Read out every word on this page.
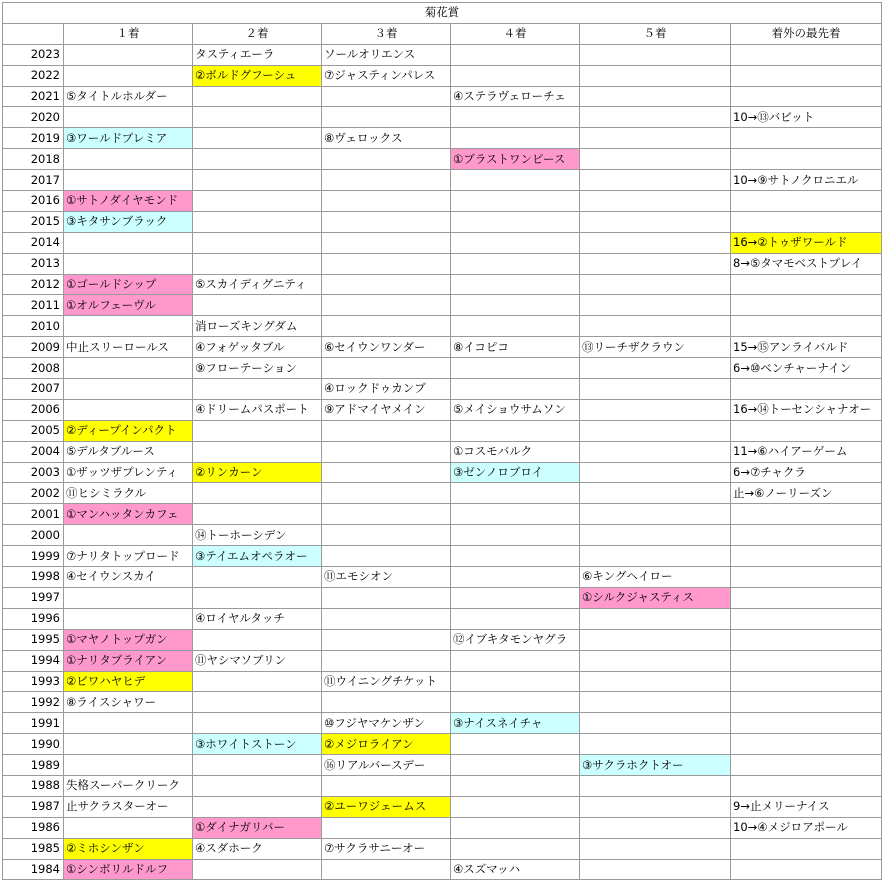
菊花賞						
	１着	２着	３着	４着	５着	着外の最先着
2023		タスティエーラ	ソールオリエンス			
2022		②ボルドグフーシュ	⑦ジャスティンパレス			
2021	⑤タイトルホルダー			④ステラヴェローチェ		
2020						10→⑬バビット
2019	③ワールドプレミア		⑧ヴェロックス			
2018				①ブラストワンピース		
2017						10→⑨サトノクロニエル
2016	①サトノダイヤモンド					
2015	③キタサンブラック					
2014						16→②トゥザワールド
2013						8→⑤タマモベストプレイ
2012	①ゴールドシップ	⑤スカイディグニティ				
2011	①オルフェーヴル					
2010		消ローズキングダム				
2009	中止スリーロールス	④フォゲッタブル	⑥セイウンワンダー	⑧イコピコ	⑬リーチザクラウン	15→⑮アンライバルド
2008		⑨フローテーション				6→⑩ベンチャーナイン
2007			④ロックドゥカンブ			
2006		④ドリームパスポート	⑨アドマイヤメイン	⑤メイショウサムソン		16→⑭トーセンシャナオー
2005	②ディープインパクト					
2004	⑤デルタブルース			①コスモバルク		11→⑥ハイアーゲーム
2003	①ザッツザプレンティ	②リンカーン		③ゼンノロブロイ		6→⑦チャクラ
2002	⑪ヒシミラクル					止→⑥ノーリーズン
2001	①マンハッタンカフェ					
2000		⑭トーホーシデン				
1999	⑦ナリタトップロード	③テイエムオペラオー				
1998	④セイウンスカイ		⑪エモシオン		⑥キングヘイロー	
1997					①シルクジャスティス	
1996		④ロイヤルタッチ				
1995	①マヤノトップガン			⑫イブキタモンヤグラ		
1994	①ナリタブライアン	⑪ヤシマソブリン				
1993	②ビワハヤヒデ		⑪ウイニングチケット			
1992	⑧ライスシャワー					
1991			⑩フジヤマケンザン	③ナイスネイチャ		
1990		③ホワイトストーン	②メジロライアン			
1989			⑯リアルバースデー		③サクラホクトオー	
1988	失格スーパークリーク					
1987	止サクラスターオー		②ユーワジェームス			9→止メリーナイス
1986		①ダイナガリバー				10→④メジロアポール
1985	②ミホシンザン	④スダホーク	⑦サクラサニーオー			
1984	①シンボリルドルフ			④スズマッハ		
